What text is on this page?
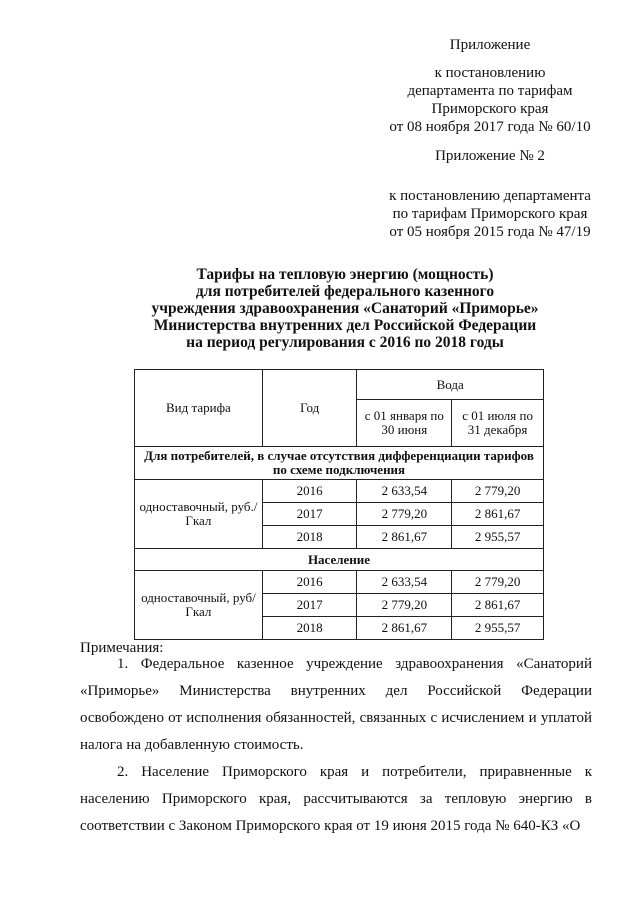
Приложение
к постановлению
департамента по тарифам
Приморского края
от 08 ноября 2017 года № 60/10
Приложение № 2
к постановлению департамента
по тарифам Приморского края
от 05 ноября 2015 года № 47/19
Тарифы на тепловую энергию (мощность)
для потребителей федерального казенного
учреждения здравоохранения «Санаторий «Приморье»
Министерства внутренних дел Российской Федерации
на период регулирования с 2016 по 2018 годы
Вид тарифа	Год	Вода	
		с 01 января по 30 июня	с 01 июля по 31 декабря
Для потребителей, в случае отсутствия дифференциации тарифов по схеме подключения			
одноставочный, руб./Гкал	2016	2 633,54	2 779,20
	2017	2 779,20	2 861,67
	2018	2 861,67	2 955,57
Население			
одноставочный, руб/Гкал	2016	2 633,54	2 779,20
	2017	2 779,20	2 861,67
	2018	2 861,67	2 955,57
Примечания:

1. Федеральное казенное учреждение здравоохранения «Санаторий «Приморье» Министерства внутренних дел Российской Федерации освобождено от исполнения обязанностей, связанных с исчислением и уплатой налога на добавленную стоимость.

2. Население Приморского края и потребители, приравненные к населению Приморского края, рассчитываются за тепловую энергию в соответствии с Законом Приморского края от 19 июня 2015 года № 640-КЗ «О
